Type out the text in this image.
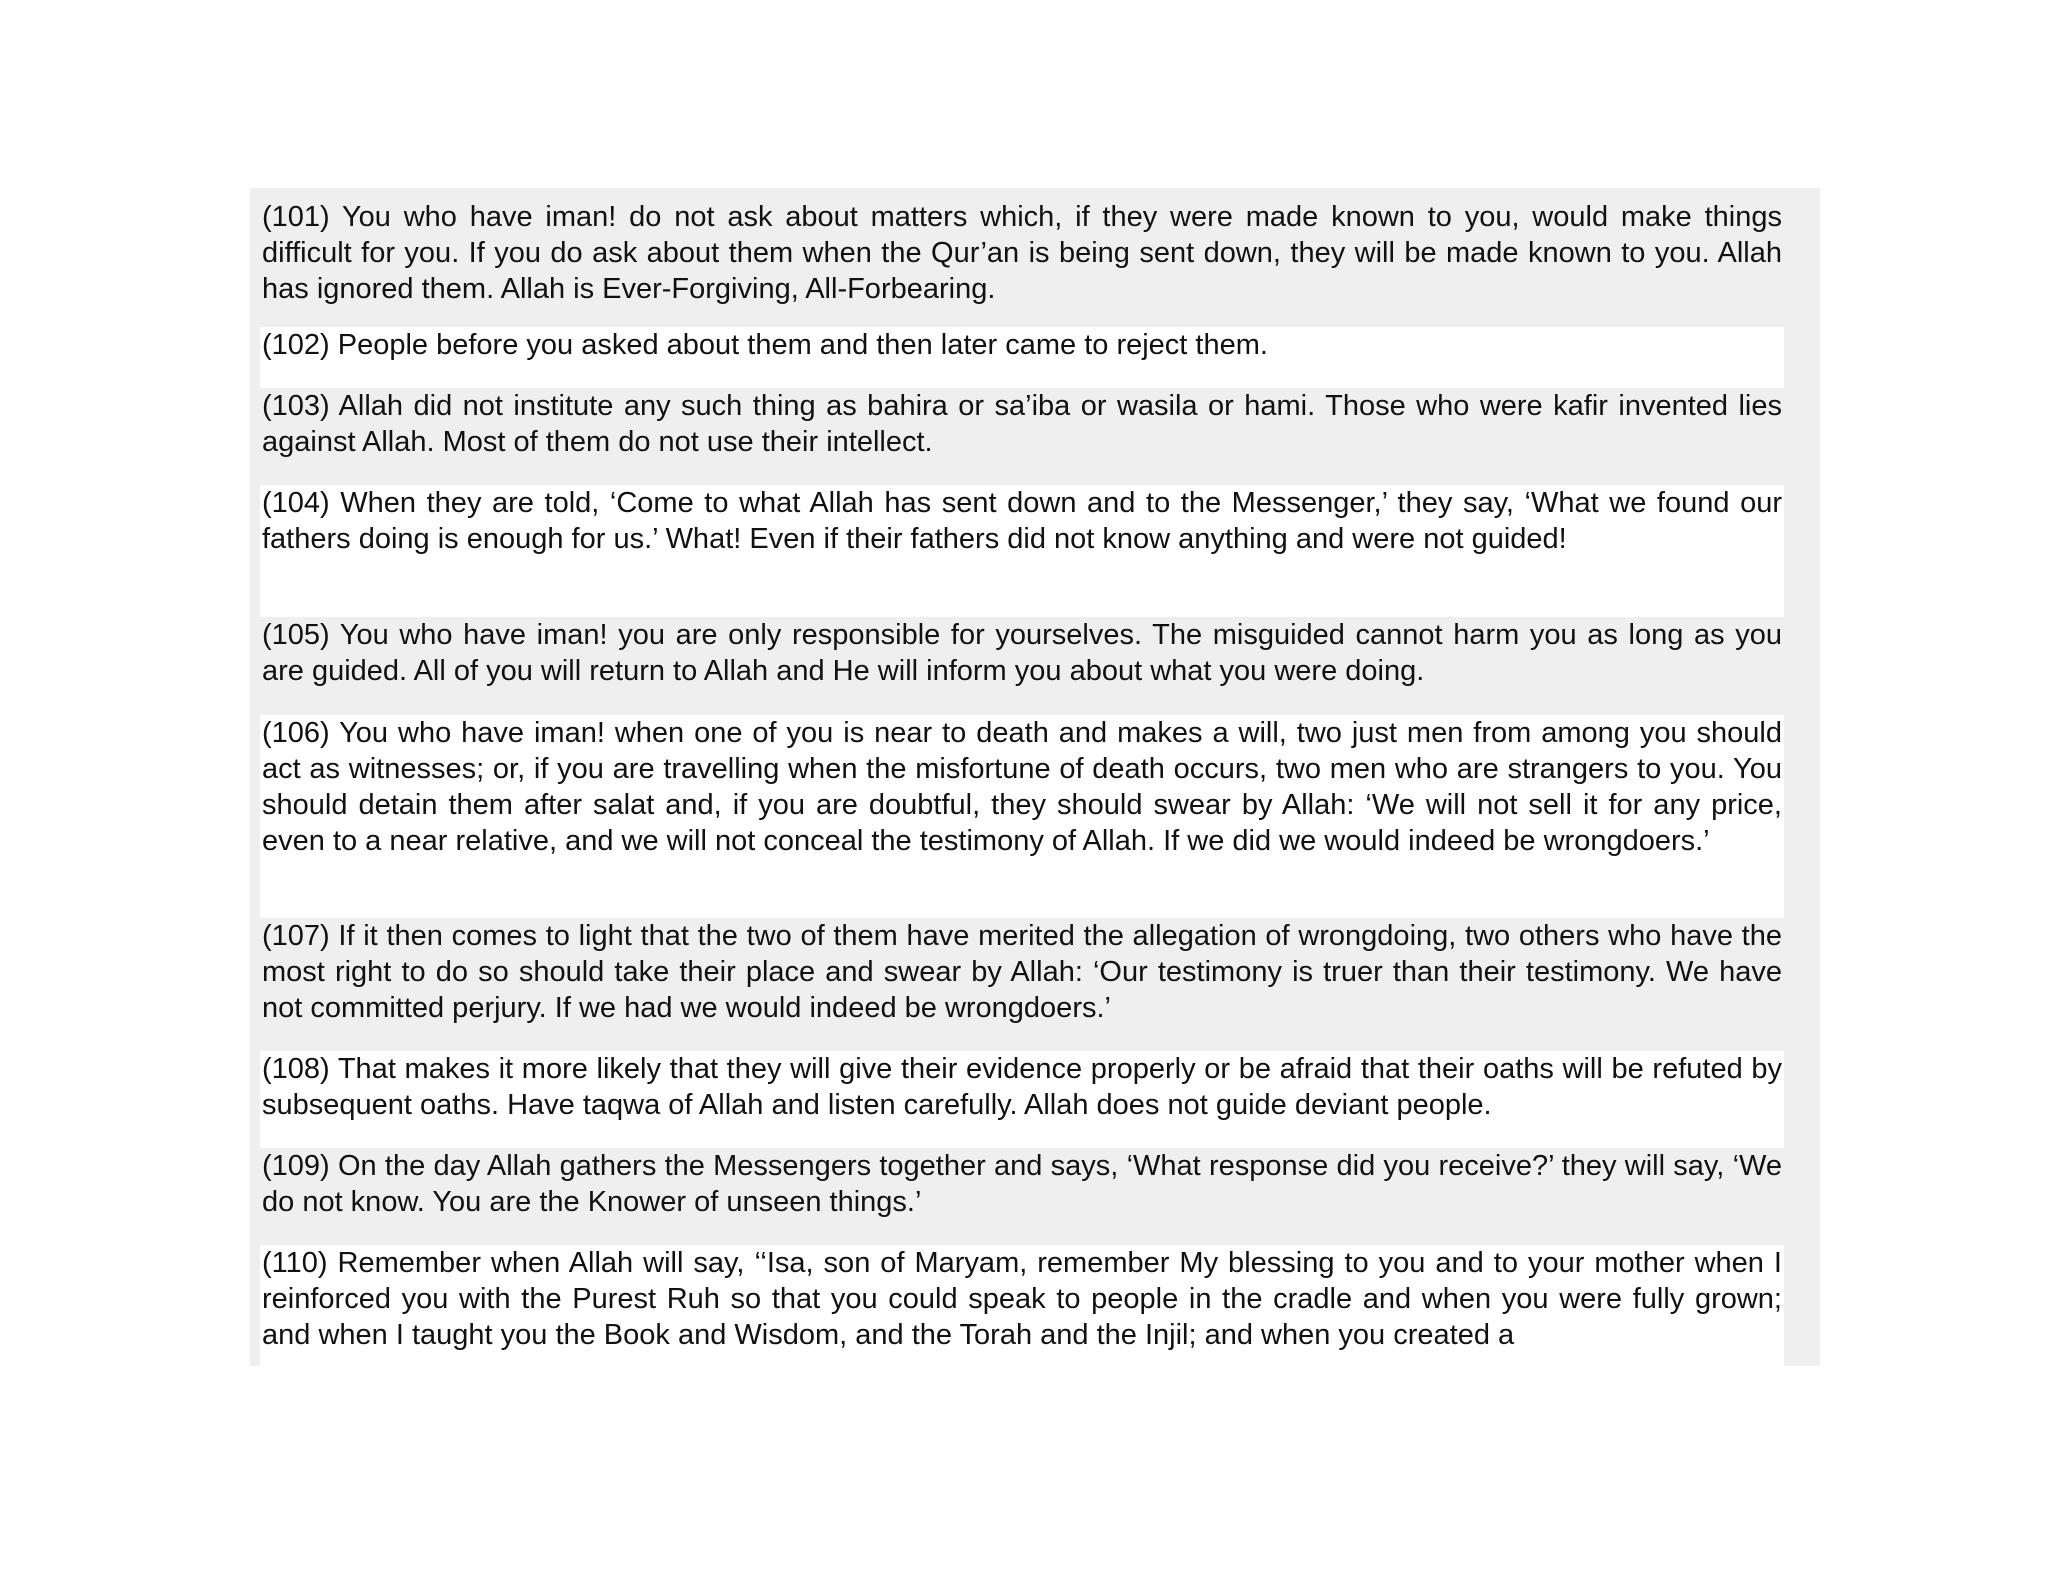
(101) You who have iman! do not ask about matters which, if they were made known to you, would make things difficult for you. If you do ask about them when the Qur’an is being sent down, they will be made known to you. Allah has ignored them. Allah is Ever-Forgiving, All-Forbearing.
(102) People before you asked about them and then later came to reject them.
(103) Allah did not institute any such thing as bahira or sa’iba or wasila or hami. Those who were kafir invented lies against Allah. Most of them do not use their intellect.
(104) When they are told, ‘Come to what Allah has sent down and to the Messenger,’ they say, ‘What we found our fathers doing is enough for us.’ What! Even if their fathers did not know anything and were not guided!
(105) You who have iman! you are only responsible for yourselves. The misguided cannot harm you as long as you are guided. All of you will return to Allah and He will inform you about what you were doing.
(106) You who have iman! when one of you is near to death and makes a will, two just men from among you should act as witnesses; or, if you are travelling when the misfortune of death occurs, two men who are strangers to you. You should detain them after salat and, if you are doubtful, they should swear by Allah: ‘We will not sell it for any price, even to a near relative, and we will not conceal the testimony of Allah. If we did we would indeed be wrongdoers.’
(107) If it then comes to light that the two of them have merited the allegation of wrongdoing, two others who have the most right to do so should take their place and swear by Allah: ‘Our testimony is truer than their testimony. We have not committed perjury. If we had we would indeed be wrongdoers.’
(108) That makes it more likely that they will give their evidence properly or be afraid that their oaths will be refuted by subsequent oaths. Have taqwa of Allah and listen carefully. Allah does not guide deviant people.
(109) On the day Allah gathers the Messengers together and says, ‘What response did you receive?’ they will say, ‘We do not know. You are the Knower of unseen things.’
(110) Remember when Allah will say, ‘‘Isa, son of Maryam, remember My blessing to you and to your mother when I reinforced you with the Purest Ruh so that you could speak to people in the cradle and when you were fully grown; and when I taught you the Book and Wisdom, and the Torah and the Injil; and when you created a
